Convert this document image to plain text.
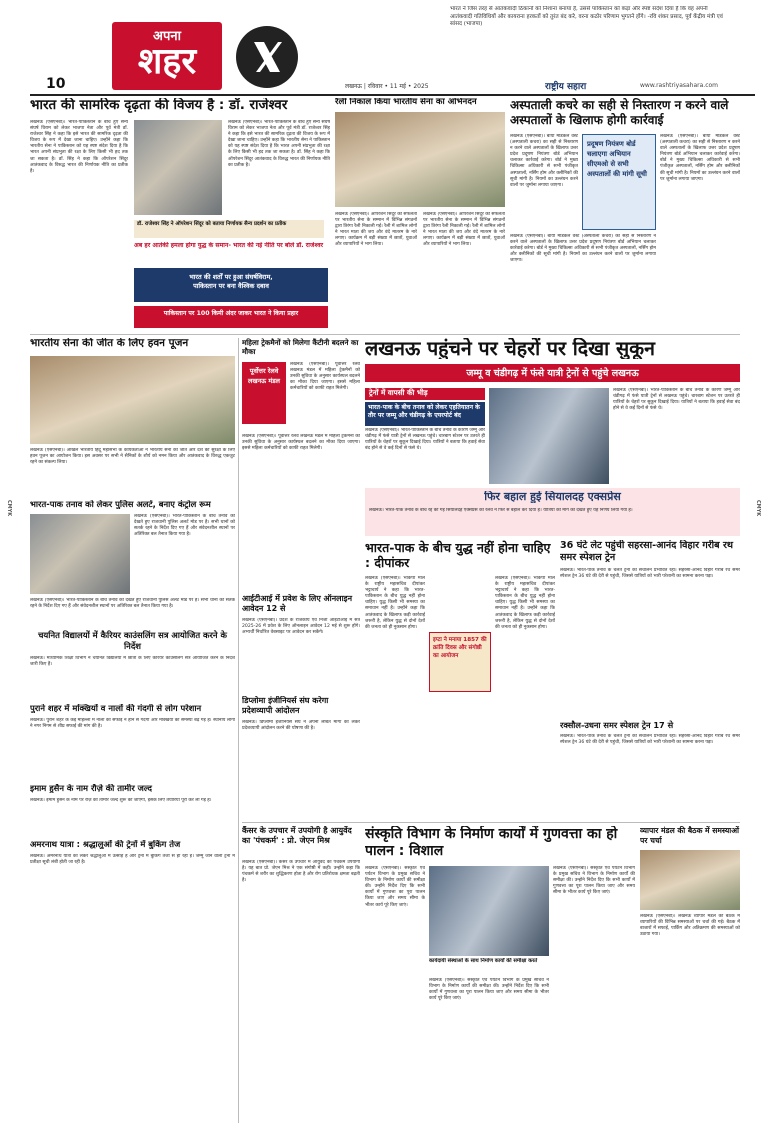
अपना
शहर
भारत ने जिस तरह से आतंकवादी ठिकानों को निशाना बनाया है, उससे पाकिस्तान को कड़ा और स्पष्ट संदेश दिया है कि वह अपनी आतंकवादी गतिविधियों और कायराना हरकतों को तुरंत बंद करे, वरना कठोर परिणाम भुगतने होंगे। -रवि शंकर प्रसाद, पूर्व केंद्रीय मंत्री एवं सांसद (भाजपा)
10	लखनऊ | रविवार • 11 मई • 2025	राष्ट्रीय सहारा	www.rashtriyasahara.com
भारत की सामरिक दृढ़ता की विजय है : डॉ. राजेश्वर
लखनऊ (एसएनबी)। भारत-पाकिस्तान के बीच हुए सैन्य संघर्ष विराम को लेकर भाजपा नेता और पूर्व मंत्री डॉ. राजेश्वर सिंह ने कहा कि इसे भारत की सामरिक दृढ़ता की विजय के रूप में देखा जाना चाहिए। उन्होंने कहा कि भारतीय सेना ने पाकिस्तान को यह स्पष्ट संदेश दिया है कि भारत अपनी संप्रभुता की रक्षा के लिए किसी भी हद तक जा सकता है। डॉ. सिंह ने कहा कि ऑपरेशन सिंदूर आतंकवाद के विरुद्ध भारत की निर्णायक नीति का प्रतीक है।
लखनऊ (एसएनबी)। भारत-पाकिस्तान के बीच हुए सैन्य संघर्ष विराम को लेकर भाजपा नेता और पूर्व मंत्री डॉ. राजेश्वर सिंह ने कहा कि इसे भारत की सामरिक दृढ़ता की विजय के रूप में देखा जाना चाहिए। उन्होंने कहा कि भारतीय सेना ने पाकिस्तान को यह स्पष्ट संदेश दिया है कि भारत अपनी संप्रभुता की रक्षा के लिए किसी भी हद तक जा सकता है। डॉ. सिंह ने कहा कि ऑपरेशन सिंदूर आतंकवाद के विरुद्ध भारत की निर्णायक नीति का प्रतीक है।
डॉ. राजेश्वर सिंह ने ऑपरेशन सिंदूर को बताया निर्णायक सैन्य प्रदर्शन का प्रतीक
अब हर आतंकी हमला होगा युद्ध के समान- भारत की नई नीति पर बोले डॉ. राजेश्वर
भारत की शर्तों पर हुआ संघर्षविराम,
पाकिस्तान पर बना वैश्विक दबाव
पाकिस्तान पर 100 किमी अंदर जाकर भारत ने किया प्रहार
रैली निकाल किया भारतीय सेना का अभिनंदन
लखनऊ (एसएनबी)। ऑपरेशन सिंदूर की सफलता पर भारतीय सेना के सम्मान में विभिन्न संगठनों द्वारा तिरंगा रैली निकाली गई। रैली में शामिल लोगों ने भारत माता की जय और वंदे मातरम के नारे लगाए। कार्यक्रम में बड़ी संख्या में छात्रों, युवाओं और व्यापारियों ने भाग लिया।
लखनऊ (एसएनबी)। ऑपरेशन सिंदूर की सफलता पर भारतीय सेना के सम्मान में विभिन्न संगठनों द्वारा तिरंगा रैली निकाली गई। रैली में शामिल लोगों ने भारत माता की जय और वंदे मातरम के नारे लगाए। कार्यक्रम में बड़ी संख्या में छात्रों, युवाओं और व्यापारियों ने भाग लिया।
अस्पताली कचरे का सही से निस्तारण न करने वाले अस्पतालों के खिलाफ होगी कार्रवाई
लखनऊ (एसएनबी)। बायो मेडिकल वेस्ट (अस्पताली कचरा) का सही से निस्तारण न करने वाले अस्पतालों के खिलाफ उत्तर प्रदेश प्रदूषण नियंत्रण बोर्ड अभियान चलाकर कार्रवाई करेगा। बोर्ड ने मुख्य चिकित्सा अधिकारी से सभी पंजीकृत अस्पतालों, नर्सिंग होम और क्लीनिकों की सूची मांगी है। नियमों का उल्लंघन करने वालों पर जुर्माना लगाया जाएगा।
प्रदूषण नियंत्रण बोर्ड चलाएगा अभियान सीएमओ से सभी अस्पतालों की मांगी सूची
लखनऊ (एसएनबी)। बायो मेडिकल वेस्ट (अस्पताली कचरा) का सही से निस्तारण न करने वाले अस्पतालों के खिलाफ उत्तर प्रदेश प्रदूषण नियंत्रण बोर्ड अभियान चलाकर कार्रवाई करेगा। बोर्ड ने मुख्य चिकित्सा अधिकारी से सभी पंजीकृत अस्पतालों, नर्सिंग होम और क्लीनिकों की सूची मांगी है। नियमों का उल्लंघन करने वालों पर जुर्माना लगाया जाएगा।
लखनऊ (एसएनबी)। बायो मेडिकल वेस्ट (अस्पताली कचरा) का सही से निस्तारण न करने वाले अस्पतालों के खिलाफ उत्तर प्रदेश प्रदूषण नियंत्रण बोर्ड अभियान चलाकर कार्रवाई करेगा। बोर्ड ने मुख्य चिकित्सा अधिकारी से सभी पंजीकृत अस्पतालों, नर्सिंग होम और क्लीनिकों की सूची मांगी है। नियमों का उल्लंघन करने वालों पर जुर्माना लगाया जाएगा।
भारतीय सेना की जीत के लिए हवन पूजन
लखनऊ (एसएनबी)। अखिल भारतीय हिंदू महासभा के कार्यकर्ताओं ने भारतीय सेना की जीत और देश की सुरक्षा के लिए हवन पूजन का आयोजन किया। इस अवसर पर सभी ने सैनिकों के शौर्य को नमन किया और आतंकवाद के विरुद्ध एकजुट रहने का संकल्प लिया।
भारत-पाक तनाव को लेकर पुलिस अलर्ट, बनाए कंट्रोल रूम
लखनऊ (एसएनबी)। भारत-पाकिस्तान के बीच तनाव को देखते हुए राजधानी पुलिस अलर्ट मोड पर है। सभी थानों को सतर्क रहने के निर्देश दिए गए हैं और संवेदनशील स्थानों पर अतिरिक्त बल तैनात किया गया है।
लखनऊ (एसएनबी)। भारत-पाकिस्तान के बीच तनाव को देखते हुए राजधानी पुलिस अलर्ट मोड पर है। सभी थानों को सतर्क रहने के निर्देश दिए गए हैं और संवेदनशील स्थानों पर अतिरिक्त बल तैनात किया गया है।
चयनित विद्यालयों में कैरियर काउंसलिंग सत्र आयोजित करने के निर्देश
लखनऊ। माध्यमिक शिक्षा विभाग ने चयनित विद्यालयों में छात्रों के लिए कैरियर काउंसलिंग सत्र आयोजित करने के निर्देश जारी किए हैं।
पुराने शहर में मक्खियों व नालों की गंदगी से लोग परेशान
लखनऊ। पुराने शहर के कई मोहल्लों में नालों की सफाई न होने से गंदगी और मक्खियों की समस्या बढ़ गई है। स्थानीय लोगों ने नगर निगम से शीघ्र सफाई की मांग की है।
इमाम हुसैन के नाम रौज़े की तामीर जल्द
लखनऊ। इमाम हुसैन के नाम पर रौज़े की तामीर जल्द शुरू की जाएगी, इसके लिए तैयारियां पूरी कर ली गई हैं।
अमरनाथ यात्रा : श्रद्धालुओं की ट्रेनों में बुकिंग तेज
लखनऊ। अमरनाथ यात्रा को लेकर श्रद्धालुओं में उत्साह है और ट्रेनों में बुकिंग तेजी से हो रही है। जम्मू जाने वाली ट्रेनों में प्रतीक्षा सूची लंबी होती जा रही है।
महिला ट्रेकमैनों को मिलेगा कैंटीनी बदलने का मौका
पूर्वोत्तर रेलवे लखनऊ मंडल
लखनऊ (एसएनबी)। पूर्वोत्तर रेलवे लखनऊ मंडल में महिला ट्रेकमैनों को उनकी सुविधा के अनुसार कार्यस्थल बदलने का मौका दिया जाएगा। इससे महिला कर्मचारियों को काफी राहत मिलेगी।
लखनऊ (एसएनबी)। पूर्वोत्तर रेलवे लखनऊ मंडल में महिला ट्रेकमैनों को उनकी सुविधा के अनुसार कार्यस्थल बदलने का मौका दिया जाएगा। इससे महिला कर्मचारियों को काफी राहत मिलेगी।
लखनऊ पहुंचने पर चेहरों पर दिखा सुकून
जम्मू व चंडीगढ़ में फंसे यात्री ट्रेनों से पहुंचे लखनऊ
ट्रेनों में वापसी की भीड़
भारत-पाक के बीच तनाव को लेकर एहतियातन के तौर पर जम्मू और चंडीगढ़ के एयरपोर्ट बंद
लखनऊ (एसएनबी)। भारत-पाकिस्तान के बीच तनाव के कारण जम्मू और चंडीगढ़ में फंसे यात्री ट्रेनों से लखनऊ पहुंचे। चारबाग स्टेशन पर उतरते ही यात्रियों के चेहरों पर सुकून दिखाई दिया। यात्रियों ने बताया कि हवाई सेवा बंद होने से वे कई दिनों से फंसे थे।
लखनऊ (एसएनबी)। भारत-पाकिस्तान के बीच तनाव के कारण जम्मू और चंडीगढ़ में फंसे यात्री ट्रेनों से लखनऊ पहुंचे। चारबाग स्टेशन पर उतरते ही यात्रियों के चेहरों पर सुकून दिखाई दिया। यात्रियों ने बताया कि हवाई सेवा बंद होने से वे कई दिनों से फंसे थे।
फिर बहाल हुई सियालदह एक्सप्रेस
लखनऊ। भारत-पाक तनाव के बीच रद्द की गई सियालदह एक्सप्रेस को रेलवे ने फिर से बहाल कर दिया है। यात्रियों की मांग को देखते हुए यह निर्णय लिया गया है।
आईटीआई में प्रवेश के लिए ऑनलाइन आवेदन 12 से
लखनऊ (एसएनबी)। प्रदेश के राजकीय एवं निजी आईटीआई में सत्र 2025-26 में प्रवेश के लिए ऑनलाइन आवेदन 12 मई से शुरू होंगे। अभ्यर्थी निर्धारित वेबसाइट पर आवेदन कर सकेंगे।
डिप्लोमा इंजीनियर्स संघ करेगा प्रदेशव्यापी आंदोलन
लखनऊ। डिप्लोमा इंजीनियर्स संघ ने अपनी लंबित मांगों को लेकर प्रदेशव्यापी आंदोलन करने की घोषणा की है।
भारत-पाक के बीच युद्ध नहीं होना चाहिए : दीपांकर
लखनऊ (एसएनबी)। भाकपा माले के राष्ट्रीय महासचिव दीपांकर भट्टाचार्य ने कहा कि भारत-पाकिस्तान के बीच युद्ध नहीं होना चाहिए। युद्ध किसी भी समस्या का समाधान नहीं है। उन्होंने कहा कि आतंकवाद के खिलाफ कड़ी कार्रवाई जरूरी है, लेकिन युद्ध से दोनों देशों की जनता को ही नुकसान होगा।
इप्टा ने मनाया 1857 की क्रांति दिवस और संगोष्ठी का आयोजन
लखनऊ (एसएनबी)। भाकपा माले के राष्ट्रीय महासचिव दीपांकर भट्टाचार्य ने कहा कि भारत-पाकिस्तान के बीच युद्ध नहीं होना चाहिए। युद्ध किसी भी समस्या का समाधान नहीं है। उन्होंने कहा कि आतंकवाद के खिलाफ कड़ी कार्रवाई जरूरी है, लेकिन युद्ध से दोनों देशों की जनता को ही नुकसान होगा।
36 घंटे लेट पहुंची सहरसा-आनंद विहार गरीब रथ समर स्पेशल ट्रेन
लखनऊ। भारत-पाक तनाव के चलते ट्रेनों का संचालन प्रभावित रहा। सहरसा-आनंद विहार गरीब रथ समर स्पेशल ट्रेन 36 घंटे की देरी से पहुंची, जिससे यात्रियों को भारी परेशानी का सामना करना पड़ा।
रक्सौल-उधना समर स्पेशल ट्रेन 17 से
लखनऊ। भारत-पाक तनाव के चलते ट्रेनों का संचालन प्रभावित रहा। सहरसा-आनंद विहार गरीब रथ समर स्पेशल ट्रेन 36 घंटे की देरी से पहुंची, जिससे यात्रियों को भारी परेशानी का सामना करना पड़ा।
कैंसर के उपचार में उपयोगी है आयुर्वेद का 'पंचकर्म' : प्रो. जेएन मिश्र
लखनऊ (एसएनबी)। कैंसर के उपचार में आयुर्वेद का पंचकर्म उपयोगी है। यह बात प्रो. जेएन मिश्र ने एक संगोष्ठी में कही। उन्होंने कहा कि पंचकर्म से शरीर का शुद्धिकरण होता है और रोग प्रतिरोधक क्षमता बढ़ती है।
संस्कृति विभाग के निर्माण कार्यों में गुणवत्ता का हो पालन : विशाल
लखनऊ (एसएनबी)। संस्कृति एवं पर्यटन विभाग के प्रमुख सचिव ने विभाग के निर्माण कार्यों की समीक्षा की। उन्होंने निर्देश दिए कि सभी कार्यों में गुणवत्ता का पूरा पालन किया जाए और समय सीमा के भीतर कार्य पूरे किए जाएं।
कार्यदायी संस्थाओं के साथ निर्माण कार्यों की समीक्षा करते
लखनऊ (एसएनबी)। संस्कृति एवं पर्यटन विभाग के प्रमुख सचिव ने विभाग के निर्माण कार्यों की समीक्षा की। उन्होंने निर्देश दिए कि सभी कार्यों में गुणवत्ता का पूरा पालन किया जाए और समय सीमा के भीतर कार्य पूरे किए जाएं।
लखनऊ (एसएनबी)। संस्कृति एवं पर्यटन विभाग के प्रमुख सचिव ने विभाग के निर्माण कार्यों की समीक्षा की। उन्होंने निर्देश दिए कि सभी कार्यों में गुणवत्ता का पूरा पालन किया जाए और समय सीमा के भीतर कार्य पूरे किए जाएं।
व्यापार मंडल की बैठक में समस्याओं पर चर्चा
लखनऊ (एसएनबी)। लखनऊ व्यापार मंडल की बैठक में व्यापारियों की विभिन्न समस्याओं पर चर्चा की गई। बैठक में बाजारों में सफाई, पार्किंग और अतिक्रमण की समस्याओं को उठाया गया।
CMYK	CMYK
